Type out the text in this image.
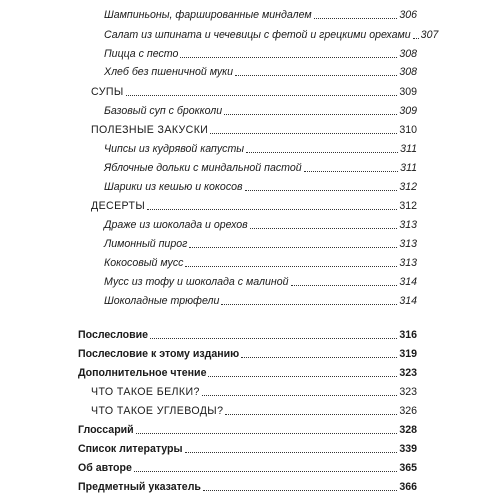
Шампиньоны, фаршированные миндалем	306
Салат из шпината и чечевицы с фетой и грецкими орехами 307
Пицца с песто	308
Хлеб без пшеничной муки	308
СУПЫ	309
Базовый суп с брокколи	309
ПОЛЕЗНЫЕ ЗАКУСКИ	310
Чипсы из кудрявой капусты	311
Яблочные дольки с миндальной пастой	311
Шарики из кешью и кокосов	312
ДЕСЕРТЫ	312
Драже из шоколада и орехов	313
Лимонный пирог	313
Кокосовый мусс	313
Мусс из тофу и шоколада с малиной	314
Шоколадные трюфели	314
Послесловие	316
Послесловие к этому изданию	319
Дополнительное чтение	323
ЧТО ТАКОЕ БЕЛКИ?	323
ЧТО ТАКОЕ УГЛЕВОДЫ?	326
Глоссарий	328
Список литературы	339
Об авторе	365
Предметный указатель	366
